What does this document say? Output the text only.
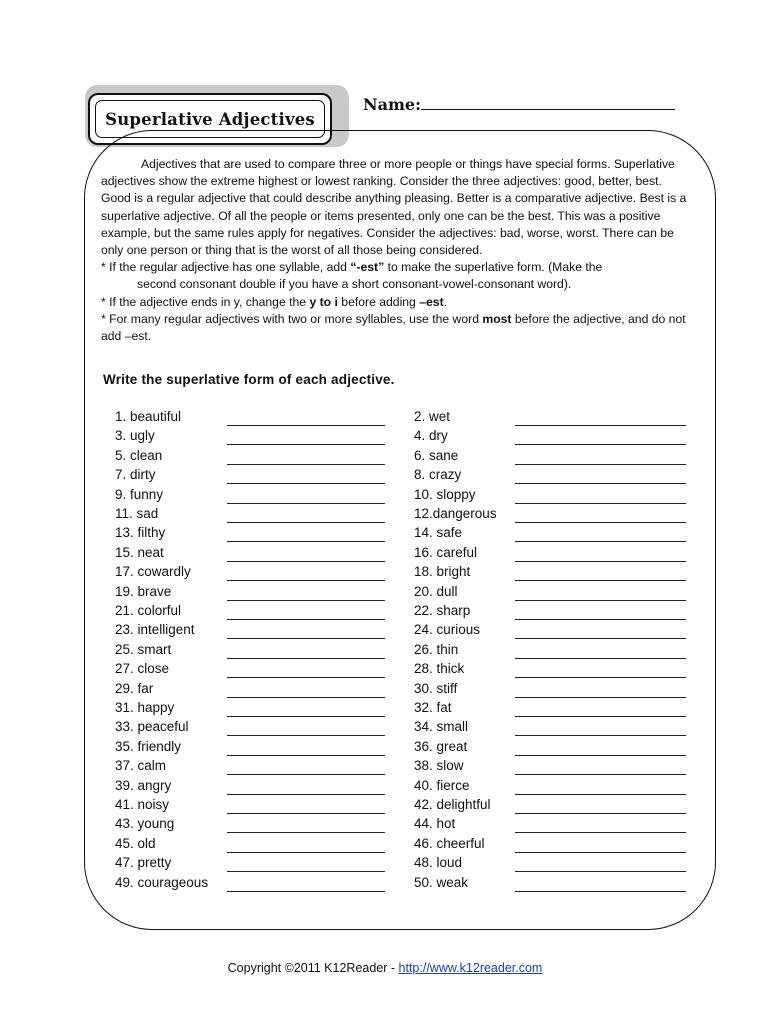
Superlative Adjectives
Name:

Adjectives that are used to compare three or more people or things have special forms. Superlative adjectives show the extreme highest or lowest ranking. Consider the three adjectives: good, better, best. Good is a regular adjective that could describe anything pleasing. Better is a comparative adjective. Best is a superlative adjective. Of all the people or items presented, only one can be the best. This was a positive example, but the same rules apply for negatives. Consider the adjectives: bad, worse, worst. There can be only one person or thing that is the worst of all those being considered.

* If the regular adjective has one syllable, add “-est” to make the superlative form. (Make the

second consonant double if you have a short consonant-vowel-consonant word).

* If the adjective ends in y, change the y to i before adding –est.

* For many regular adjectives with two or more syllables, use the word most before the adjective, and do not add –est.

Write the superlative form of each adjective.
1. beautiful
3. ugly
5. clean
7. dirty
9. funny
11. sad
13. filthy
15. neat
17. cowardly
19. brave
21. colorful
23. intelligent
25. smart
27. close
29. far
31. happy
33. peaceful
35. friendly
37. calm
39. angry
41. noisy
43. young
45. old
47. pretty
49. courageous
2. wet
4. dry
6. sane
8. crazy
10. sloppy
12.dangerous
14. safe
16. careful
18. bright
20. dull
22. sharp
24. curious
26. thin
28. thick
30. stiff
32. fat
34. small
36. great
38. slow
40. fierce
42. delightful
44. hot
46. cheerful
48. loud
50. weak
Copyright ©2011 K12Reader - http://www.k12reader.com
